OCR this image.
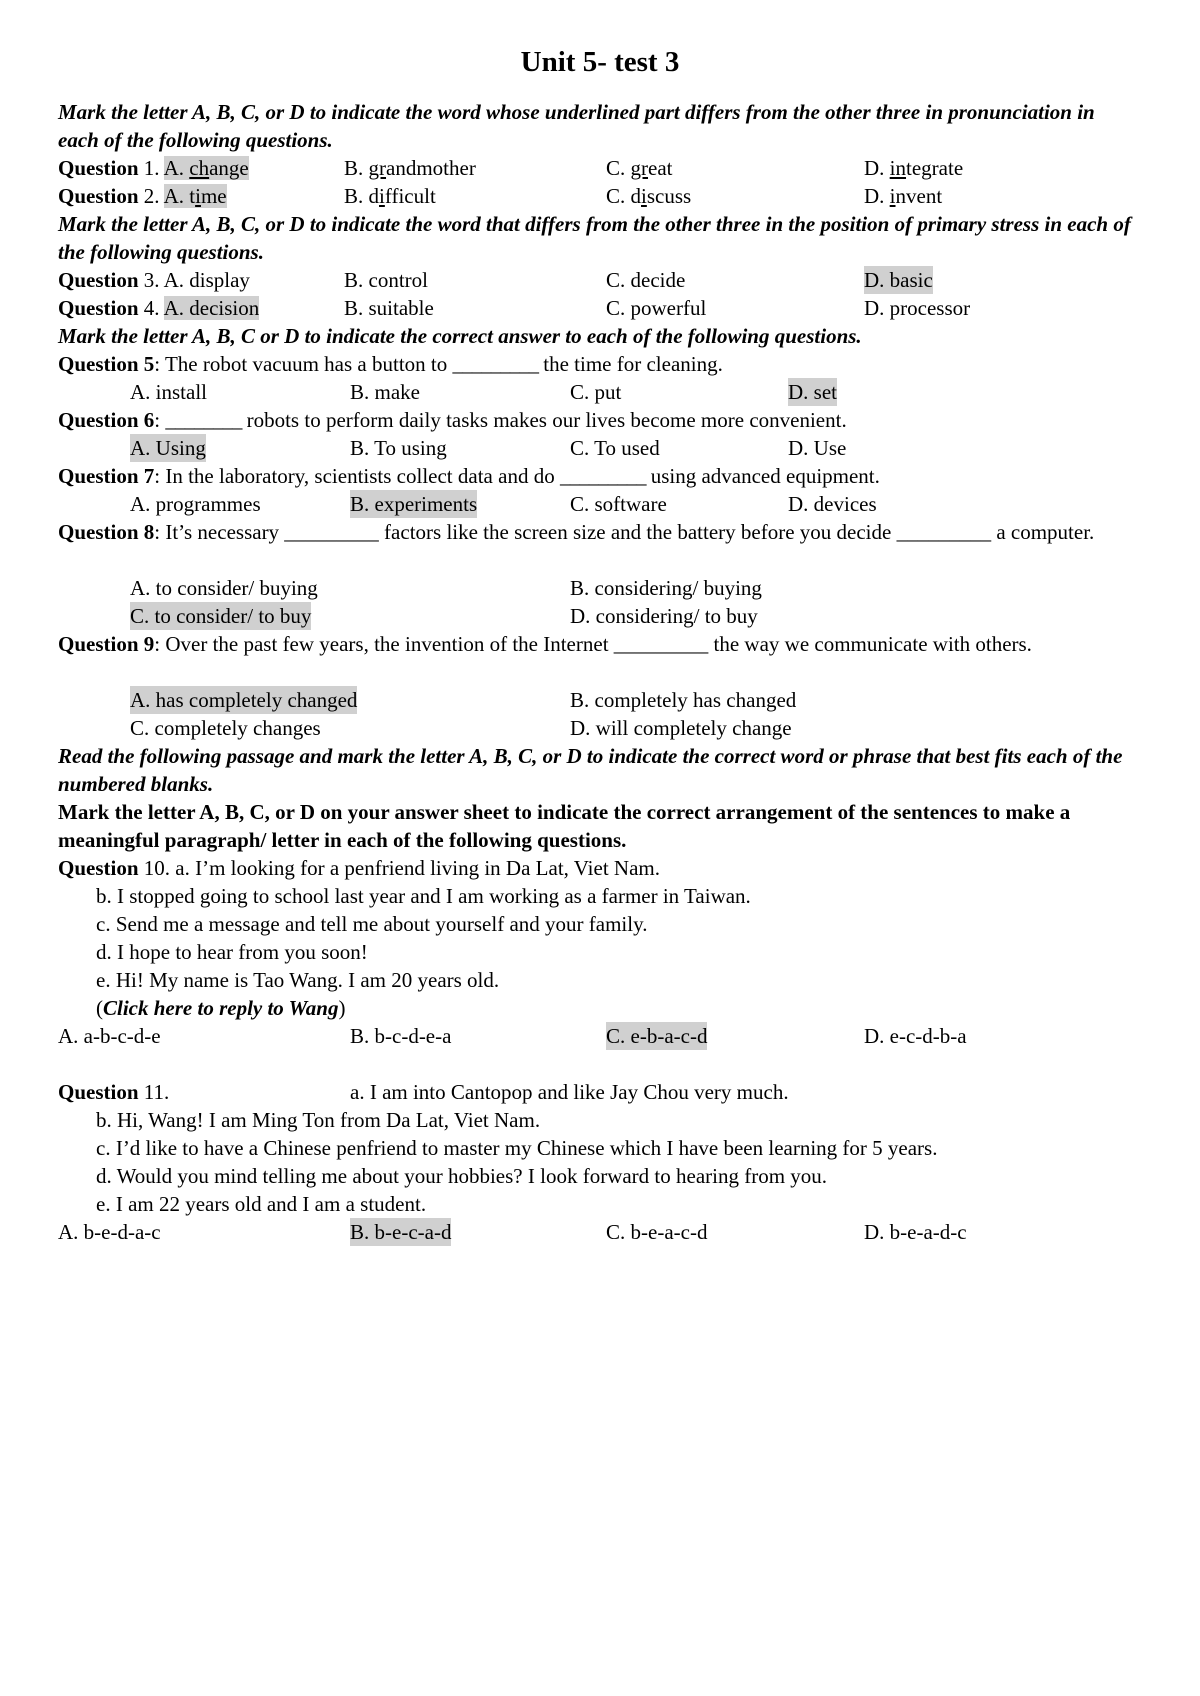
Unit 5- test 3
Mark the letter A, B, C, or D to indicate the word whose underlined part differs from the other three in pronunciation in each of the following questions.
Question 1. A. change	B. grandmother	C. great	D. integrate
Question 2. A. time	B. difficult	C. discuss	D. invent
Mark the letter A, B, C, or D to indicate the word that differs from the other three in the position of primary stress in each of the following questions.
Question 3. A. display	B. control	C. decide	D. basic
Question 4. A. decision	B. suitable	C. powerful	D. processor
Mark the letter A, B, C or D to indicate the correct answer to each of the following questions.
Question 5: The robot vacuum has a button to _________ the time for cleaning.
A. install	B. make	C. put	D. set
Question 6: ________ robots to perform daily tasks makes our lives become more convenient.
A. Using	B. To using	C. To used	D. Use
Question 7: In the laboratory, scientists collect data and do _________ using advanced equipment.
A. programmes	B. experiments	C. software	D. devices
Question 8: It’s necessary _________ factors like the screen size and the battery before you decide _________ a computer.
A. to consider/ buying	B. considering/ buying
C. to consider/ to buy	D. considering/ to buy
Question 9: Over the past few years, the invention of the Internet _________ the way we communicate with others.
A. has completely changed	B. completely has changed
C. completely changes	D. will completely change
Read the following passage and mark the letter A, B, C, or D to indicate the correct word or phrase that best fits each of the numbered blanks.
Mark the letter A, B, C, or D on your answer sheet to indicate the correct arrangement of the sentences to make a meaningful paragraph/ letter in each of the following questions.
Question 10. a. I’m looking for a penfriend living in Da Lat, Viet Nam.
b. I stopped going to school last year and I am working as a farmer in Taiwan.
c. Send me a message and tell me about yourself and your family.
d. I hope to hear from you soon!
e. Hi! My name is Tao Wang. I am 20 years old.
(Click here to reply to Wang)
A. a-b-c-d-e	B. b-c-d-e-a	C. e-b-a-c-d	D. e-c-d-b-a
Question 11.	a. I am into Cantopop and like Jay Chou very much.
b. Hi, Wang! I am Ming Ton from Da Lat, Viet Nam.
c. I’d like to have a Chinese penfriend to master my Chinese which I have been learning for 5 years.
d. Would you mind telling me about your hobbies? I look forward to hearing from you.
e. I am 22 years old and I am a student.
A. b-e-d-a-c	B. b-e-c-a-d	C. b-e-a-c-d	D. b-e-a-d-c
